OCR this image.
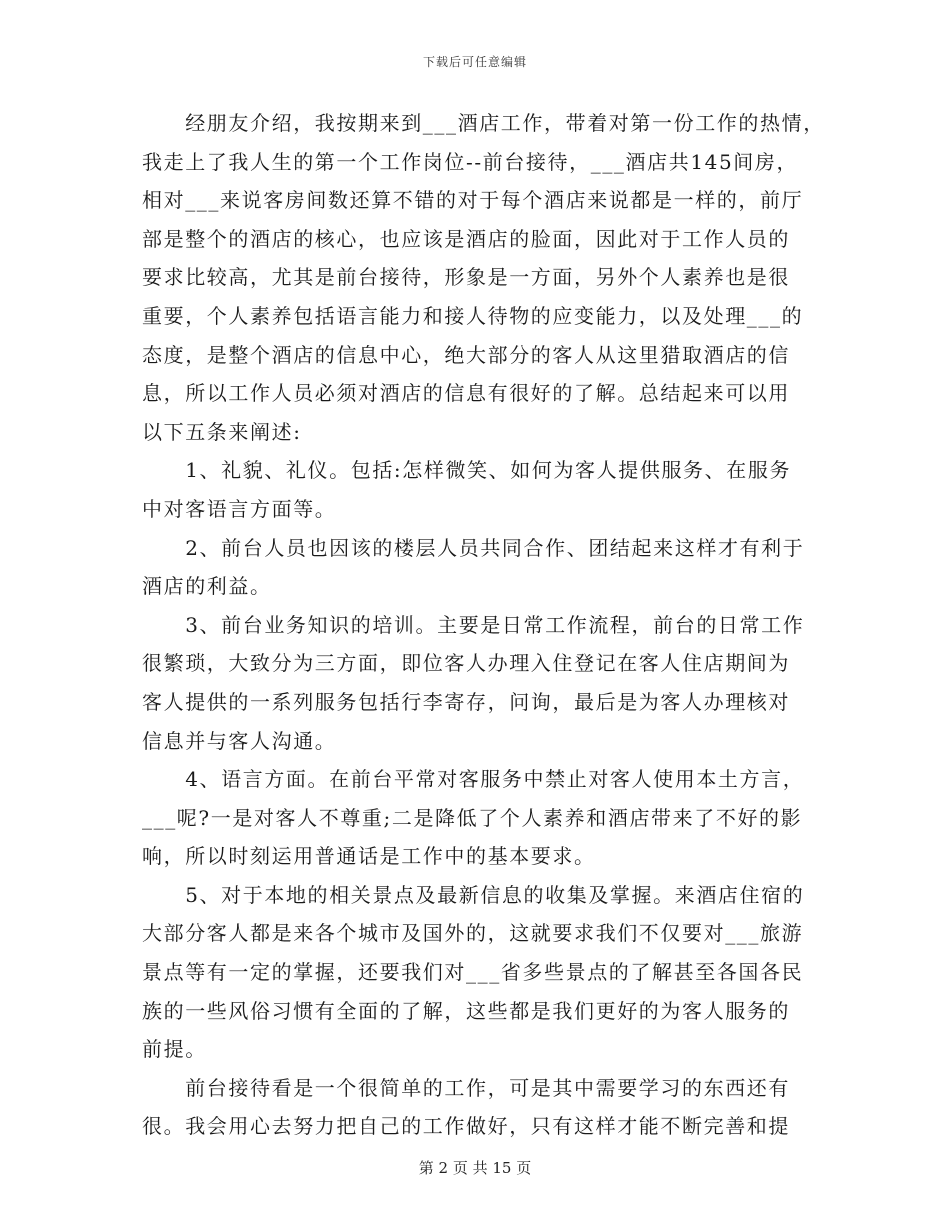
下载后可任意编辑
　　经朋友介绍，我按期来到___酒店工作，带着对第一份工作的热情，
我走上了我人生的第一个工作岗位--前台接待，___酒店共145间房，
相对___来说客房间数还算不错的对于每个酒店来说都是一样的，前厅
部是整个的酒店的核心，也应该是酒店的脸面，因此对于工作人员的
要求比较高，尤其是前台接待，形象是一方面，另外个人素养也是很
重要，个人素养包括语言能力和接人待物的应变能力，以及处理___的
态度，是整个酒店的信息中心，绝大部分的客人从这里猎取酒店的信
息，所以工作人员必须对酒店的信息有很好的了解。总结起来可以用
以下五条来阐述:
　　1、礼貌、礼仪。包括:怎样微笑、如何为客人提供服务、在服务
中对客语言方面等。
　　2、前台人员也因该的楼层人员共同合作、团结起来这样才有利于
酒店的利益。
　　3、前台业务知识的培训。主要是日常工作流程，前台的日常工作
很繁琐，大致分为三方面，即位客人办理入住登记在客人住店期间为
客人提供的一系列服务包括行李寄存，问询，最后是为客人办理核对
信息并与客人沟通。
　　4、语言方面。在前台平常对客服务中禁止对客人使用本土方言，
___呢?一是对客人不尊重;二是降低了个人素养和酒店带来了不好的影
响，所以时刻运用普通话是工作中的基本要求。
　　5、对于本地的相关景点及最新信息的收集及掌握。来酒店住宿的
大部分客人都是来各个城市及国外的，这就要求我们不仅要对___旅游
景点等有一定的掌握，还要我们对___省多些景点的了解甚至各国各民
族的一些风俗习惯有全面的了解，这些都是我们更好的为客人服务的
前提。
　　前台接待看是一个很简单的工作，可是其中需要学习的东西还有
很。我会用心去努力把自己的工作做好，只有这样才能不断完善和提
第 2 页 共 15 页
